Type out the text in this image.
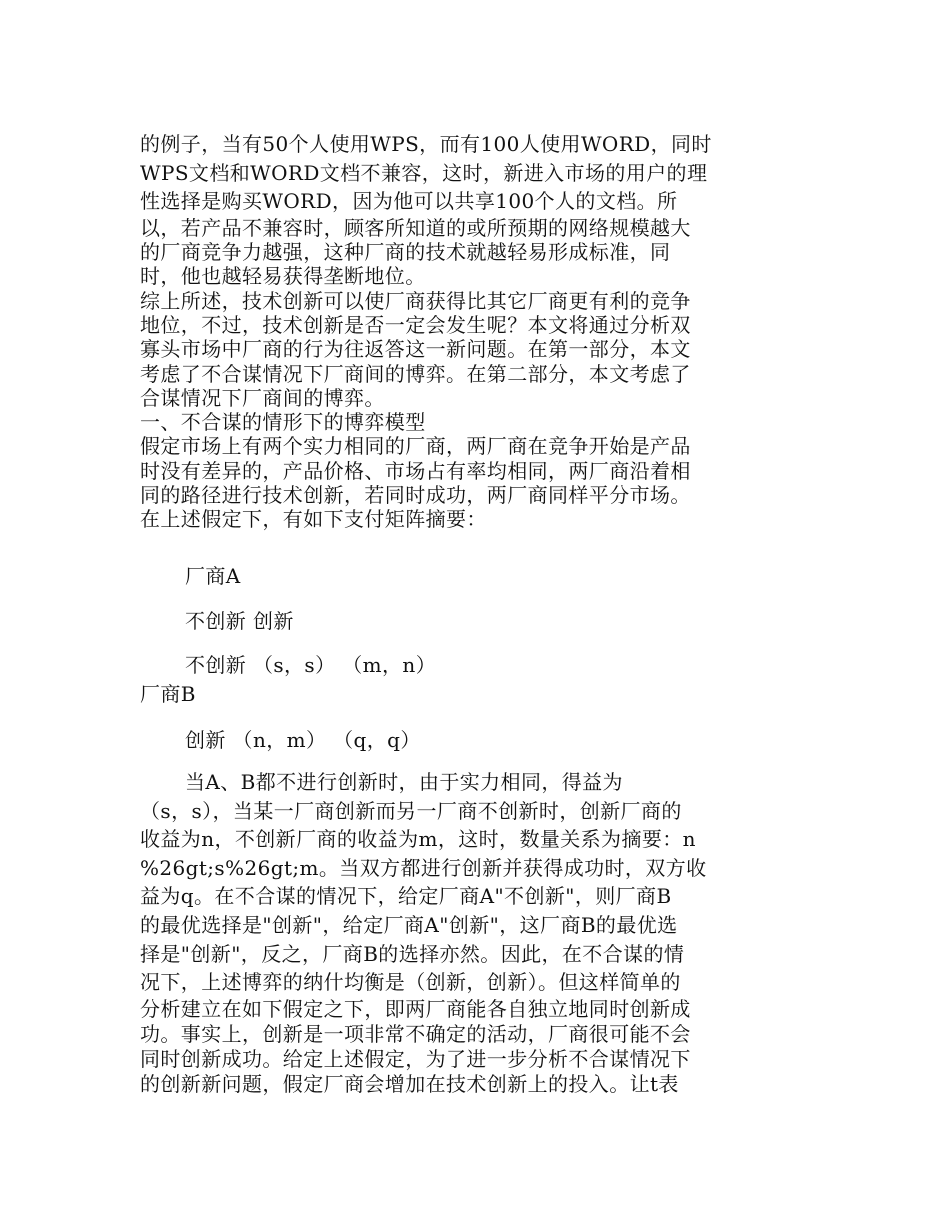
的例子，当有50个人使用WPS，而有100人使用WORD，同时
WPS文档和WORD文档不兼容，这时，新进入市场的用户的理
性选择是购买WORD，因为他可以共享100个人的文档。所
以，若产品不兼容时，顾客所知道的或所预期的网络规模越大
的厂商竞争力越强，这种厂商的技术就越轻易形成标准，同
时，他也越轻易获得垄断地位。
综上所述，技术创新可以使厂商获得比其它厂商更有利的竞争
地位，不过，技术创新是否一定会发生呢？本文将通过分析双
寡头市场中厂商的行为往返答这一新问题。在第一部分，本文
考虑了不合谋情况下厂商间的博弈。在第二部分，本文考虑了
合谋情况下厂商间的博弈。
一、不合谋的情形下的博弈模型
假定市场上有两个实力相同的厂商，两厂商在竞争开始是产品
时没有差异的，产品价格、市场占有率均相同，两厂商沿着相
同的路径进行技术创新，若同时成功，两厂商同样平分市场。
在上述假定下，有如下支付矩阵摘要：
厂商A
不创新 创新
不创新 （s，s） （m，n）
厂商B
创新 （n，m） （q，q）
当A、B都不进行创新时，由于实力相同，得益为
（s，s），当某一厂商创新而另一厂商不创新时，创新厂商的
收益为n，不创新厂商的收益为m，这时，数量关系为摘要：n
%26gt;s%26gt;m。当双方都进行创新并获得成功时，双方收
益为q。在不合谋的情况下，给定厂商A"不创新"，则厂商B
的最优选择是"创新"，给定厂商A"创新"，这厂商B的最优选
择是"创新"，反之，厂商B的选择亦然。因此，在不合谋的情
况下，上述博弈的纳什均衡是（创新，创新）。但这样简单的
分析建立在如下假定之下，即两厂商能各自独立地同时创新成
功。事实上，创新是一项非常不确定的活动，厂商很可能不会
同时创新成功。给定上述假定，为了进一步分析不合谋情况下
的创新新问题，假定厂商会增加在技术创新上的投入。让t表
